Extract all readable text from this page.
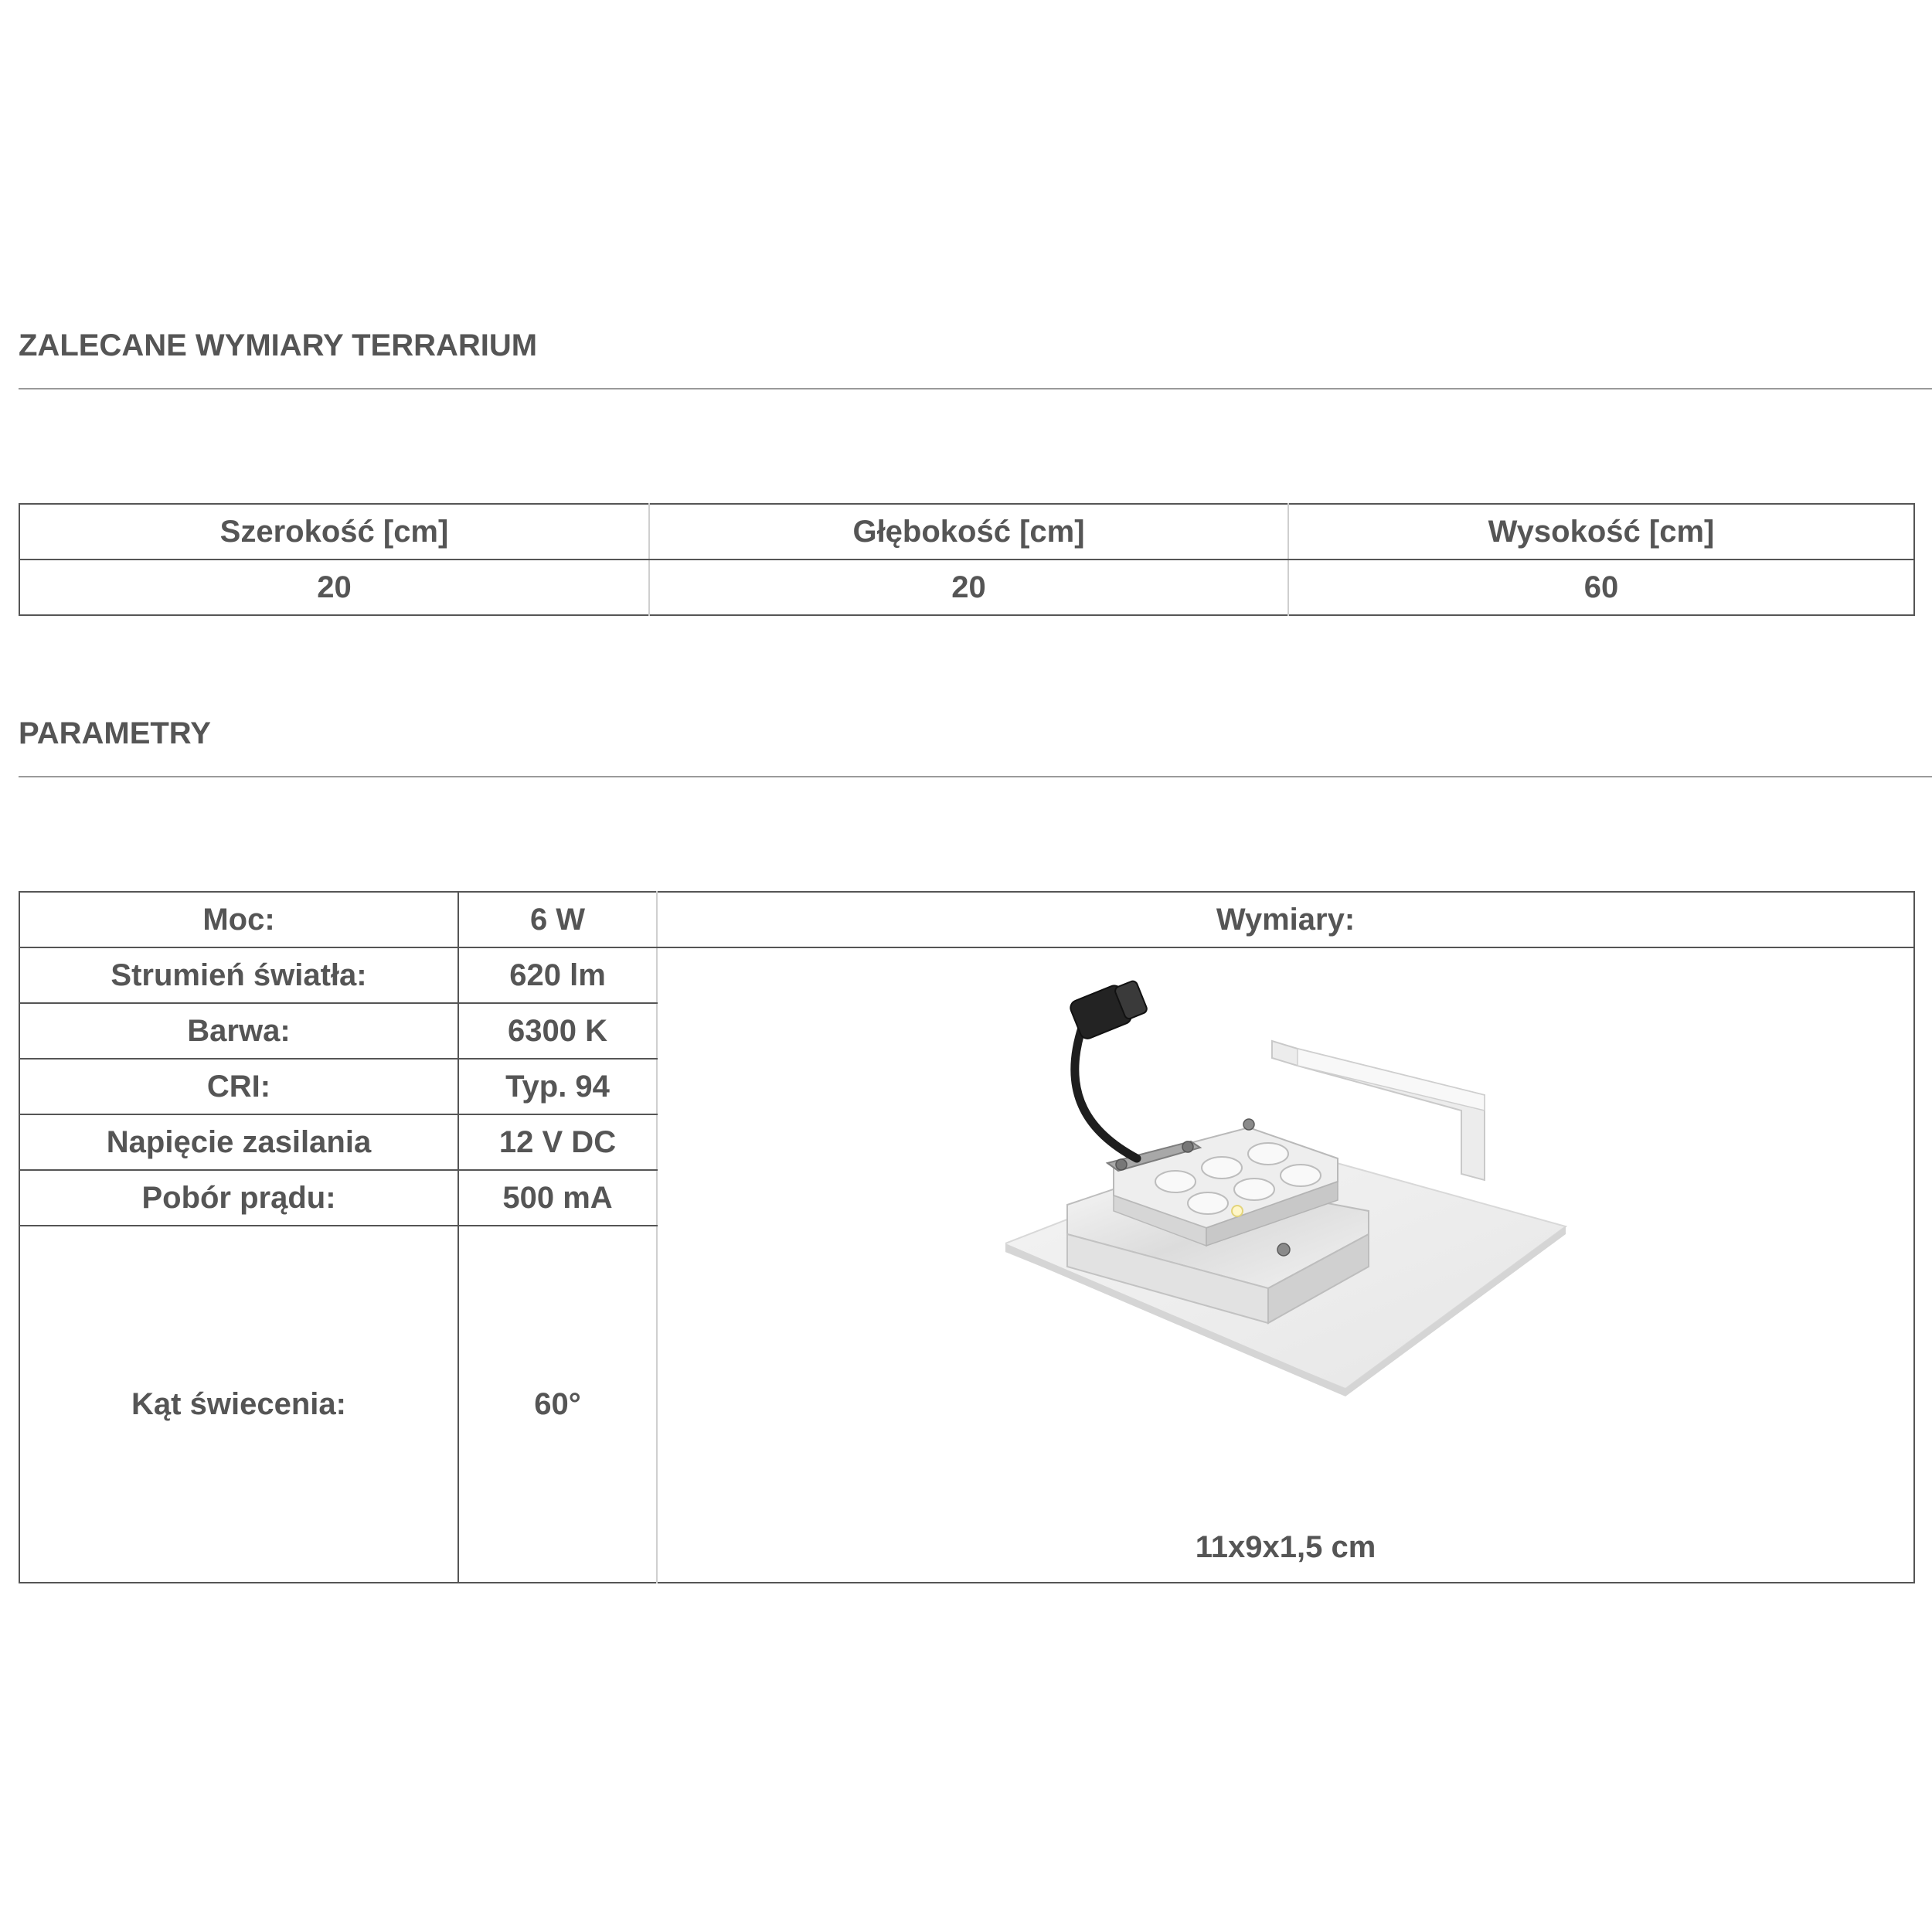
ZALECANE WYMIARY TERRARIUM
Szerokość [cm]	Głębokość [cm]	Wysokość [cm]
20	20	60
PARAMETRY
Moc:	6 W	Wymiary:
Strumień światła:	620 lm	11x9x1,5 cm
Barwa:	6300 K	
CRI:	Typ. 94	
Napięcie zasilania	12 V DC	
Pobór prądu:	500 mA	
Kąt świecenia:	60°	
